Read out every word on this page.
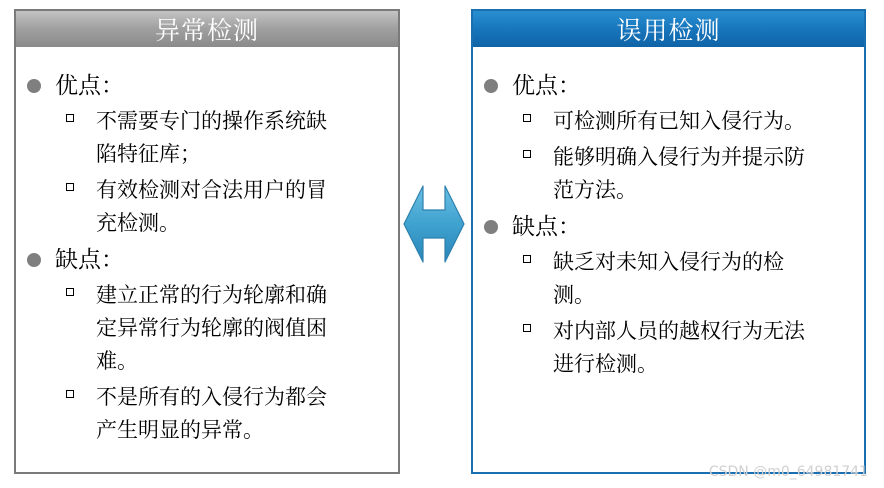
异常检测
优点：
不需要专门的操作系统缺
陷特征库；
有效检测对合法用户的冒
充检测。
缺点：
建立正常的行为轮廓和确
定异常行为轮廓的阀值困
难。
不是所有的入侵行为都会
产生明显的异常。
误用检测
优点：
可检测所有已知入侵行为。
能够明确入侵行为并提示防
范方法。
缺点：
缺乏对未知入侵行为的检
测。
对内部人员的越权行为无法
进行检测。
CSDN @m0_64981741
